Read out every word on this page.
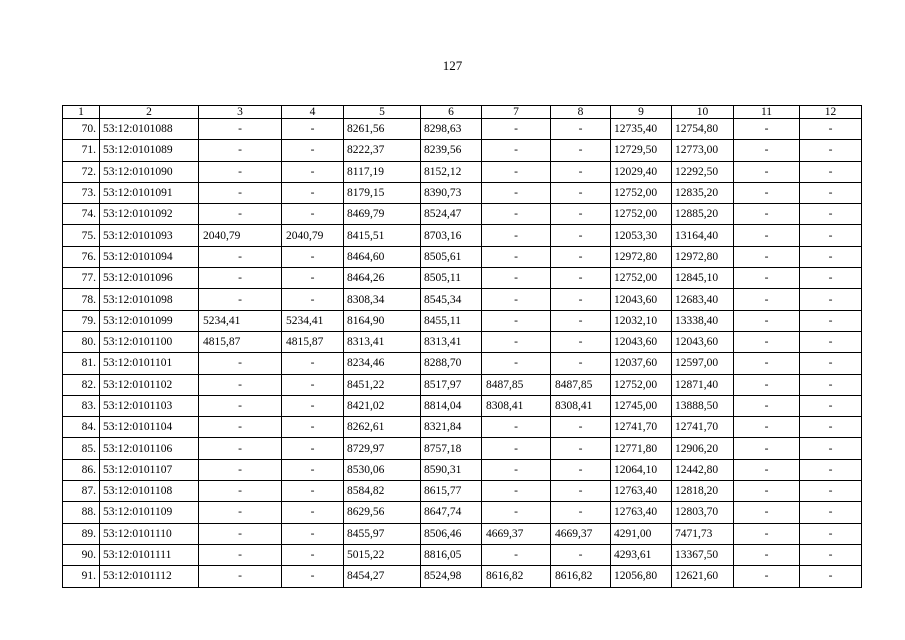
127
1	2	3	4	5	6	7	8	9	10	11	12
70.	53:12:0101088	-	-	8261,56	8298,63	-	-	12735,40	12754,80	-	-
71.	53:12:0101089	-	-	8222,37	8239,56	-	-	12729,50	12773,00	-	-
72.	53:12:0101090	-	-	8117,19	8152,12	-	-	12029,40	12292,50	-	-
73.	53:12:0101091	-	-	8179,15	8390,73	-	-	12752,00	12835,20	-	-
74.	53:12:0101092	-	-	8469,79	8524,47	-	-	12752,00	12885,20	-	-
75.	53:12:0101093	2040,79	2040,79	8415,51	8703,16	-	-	12053,30	13164,40	-	-
76.	53:12:0101094	-	-	8464,60	8505,61	-	-	12972,80	12972,80	-	-
77.	53:12:0101096	-	-	8464,26	8505,11	-	-	12752,00	12845,10	-	-
78.	53:12:0101098	-	-	8308,34	8545,34	-	-	12043,60	12683,40	-	-
79.	53:12:0101099	5234,41	5234,41	8164,90	8455,11	-	-	12032,10	13338,40	-	-
80.	53:12:0101100	4815,87	4815,87	8313,41	8313,41	-	-	12043,60	12043,60	-	-
81.	53:12:0101101	-	-	8234,46	8288,70	-	-	12037,60	12597,00	-	-
82.	53:12:0101102	-	-	8451,22	8517,97	8487,85	8487,85	12752,00	12871,40	-	-
83.	53:12:0101103	-	-	8421,02	8814,04	8308,41	8308,41	12745,00	13888,50	-	-
84.	53:12:0101104	-	-	8262,61	8321,84	-	-	12741,70	12741,70	-	-
85.	53:12:0101106	-	-	8729,97	8757,18	-	-	12771,80	12906,20	-	-
86.	53:12:0101107	-	-	8530,06	8590,31	-	-	12064,10	12442,80	-	-
87.	53:12:0101108	-	-	8584,82	8615,77	-	-	12763,40	12818,20	-	-
88.	53:12:0101109	-	-	8629,56	8647,74	-	-	12763,40	12803,70	-	-
89.	53:12:0101110	-	-	8455,97	8506,46	4669,37	4669,37	4291,00	7471,73	-	-
90.	53:12:0101111	-	-	5015,22	8816,05	-	-	4293,61	13367,50	-	-
91.	53:12:0101112	-	-	8454,27	8524,98	8616,82	8616,82	12056,80	12621,60	-	-
